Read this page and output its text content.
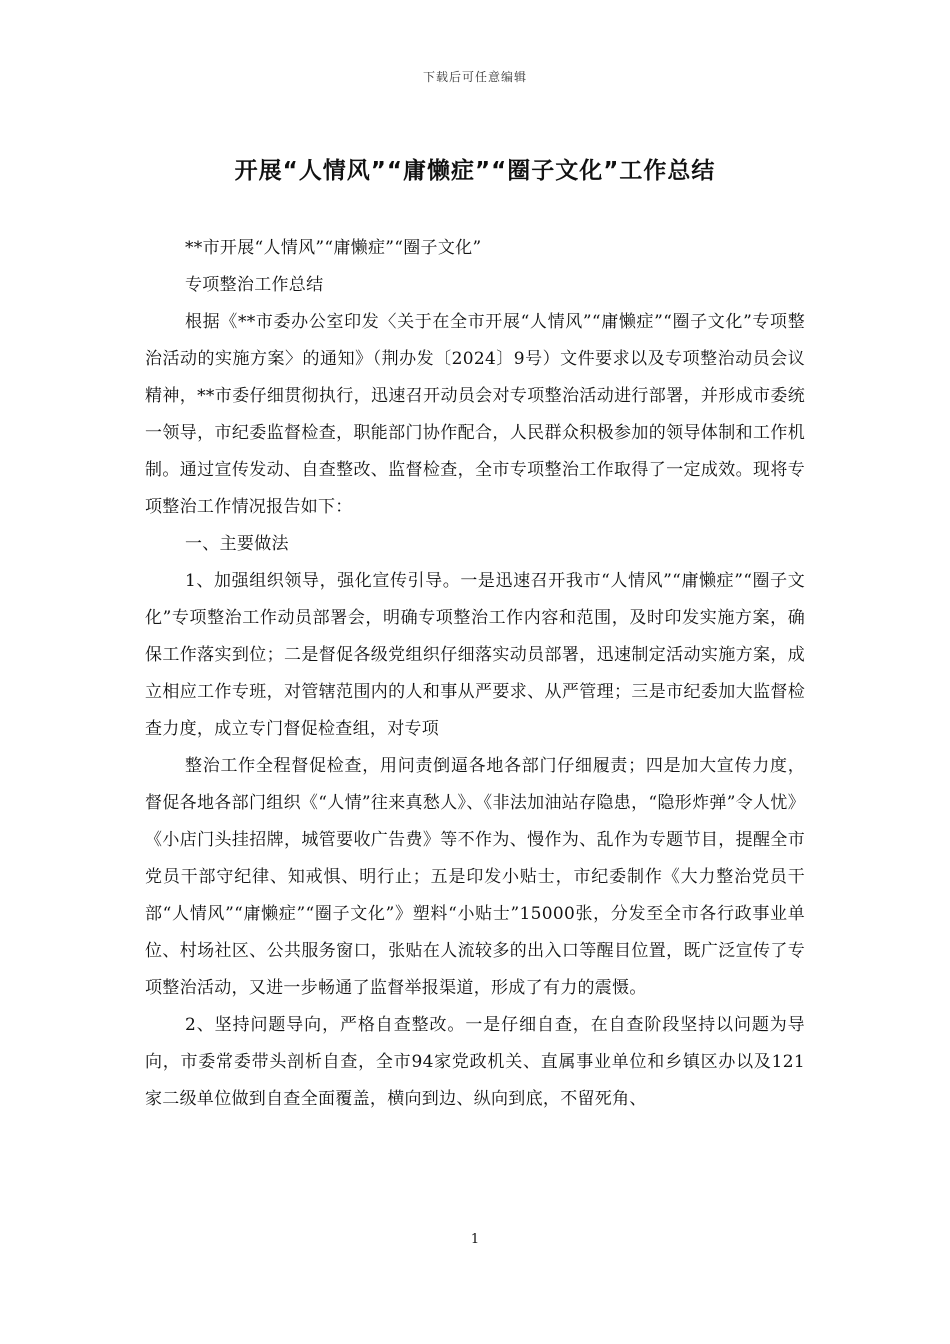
下载后可任意编辑
开展“人情风”“庸懒症”“圈子文化”工作总结

**市开展“人情风”“庸懒症”“圈子文化”

专项整治工作总结

根据《**市委办公室印发〈关于在全市开展“人情风”“庸懒症”“圈子文化”专项整治活动的实施方案〉的通知》（荆办发〔2024〕9号）文件要求以及专项整治动员会议精神，**市委仔细贯彻执行，迅速召开动员会对专项整治活动进行部署，并形成市委统一领导，市纪委监督检查，职能部门协作配合，人民群众积极参加的领导体制和工作机制。通过宣传发动、自查整改、监督检查，全市专项整治工作取得了一定成效。现将专项整治工作情况报告如下：

一、主要做法

1、加强组织领导，强化宣传引导。一是迅速召开我市“人情风”“庸懒症”“圈子文化”专项整治工作动员部署会，明确专项整治工作内容和范围，及时印发实施方案，确保工作落实到位；二是督促各级党组织仔细落实动员部署，迅速制定活动实施方案，成立相应工作专班，对管辖范围内的人和事从严要求、从严管理；三是市纪委加大监督检查力度，成立专门督促检查组，对专项

整治工作全程督促检查，用问责倒逼各地各部门仔细履责；四是加大宣传力度，督促各地各部门组织《“人情”往来真愁人》、《非法加油站存隐患，“隐形炸弹”令人忧》《小店门头挂招牌，城管要收广告费》等不作为、慢作为、乱作为专题节目，提醒全市党员干部守纪律、知戒惧、明行止；五是印发小贴士，市纪委制作《大力整治党员干部“人情风”“庸懒症”“圈子文化”》塑料“小贴士”15000张，分发至全市各行政事业单位、村场社区、公共服务窗口，张贴在人流较多的出入口等醒目位置，既广泛宣传了专项整治活动，又进一步畅通了监督举报渠道，形成了有力的震慑。

2、坚持问题导向，严格自查整改。一是仔细自查，在自查阶段坚持以问题为导向，市委常委带头剖析自查，全市94家党政机关、直属事业单位和乡镇区办以及121家二级单位做到自查全面覆盖，横向到边、纵向到底，不留死角、

1
